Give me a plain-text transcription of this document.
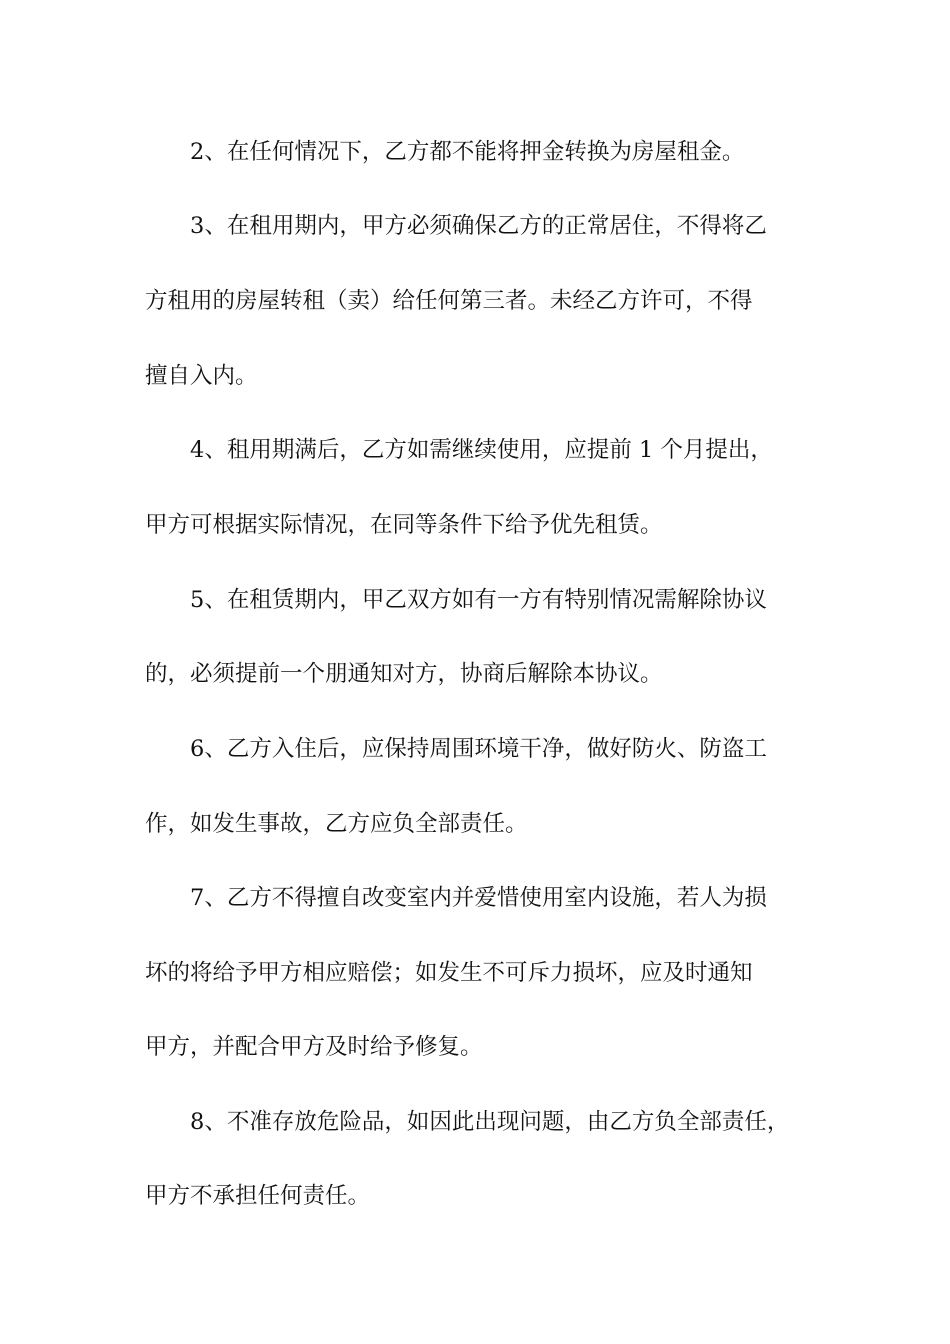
2、在任何情况下，乙方都不能将押金转换为房屋租金。
3、在租用期内，甲方必须确保乙方的正常居住，不得将乙
方租用的房屋转租（卖）给任何第三者。未经乙方许可，不得
擅自入内。
4、租用期满后，乙方如需继续使用，应提前 1 个月提出，
甲方可根据实际情况，在同等条件下给予优先租赁。
5、在租赁期内，甲乙双方如有一方有特别情况需解除协议
的，必须提前一个朋通知对方，协商后解除本协议。
6、乙方入住后，应保持周围环境干净，做好防火、防盗工
作，如发生事故，乙方应负全部责任。
7、乙方不得擅自改变室内并爱惜使用室内设施，若人为损
坏的将给予甲方相应赔偿；如发生不可斥力损坏，应及时通知
甲方，并配合甲方及时给予修复。
8、不准存放危险品，如因此出现问题，由乙方负全部责任，
甲方不承担任何责任。
